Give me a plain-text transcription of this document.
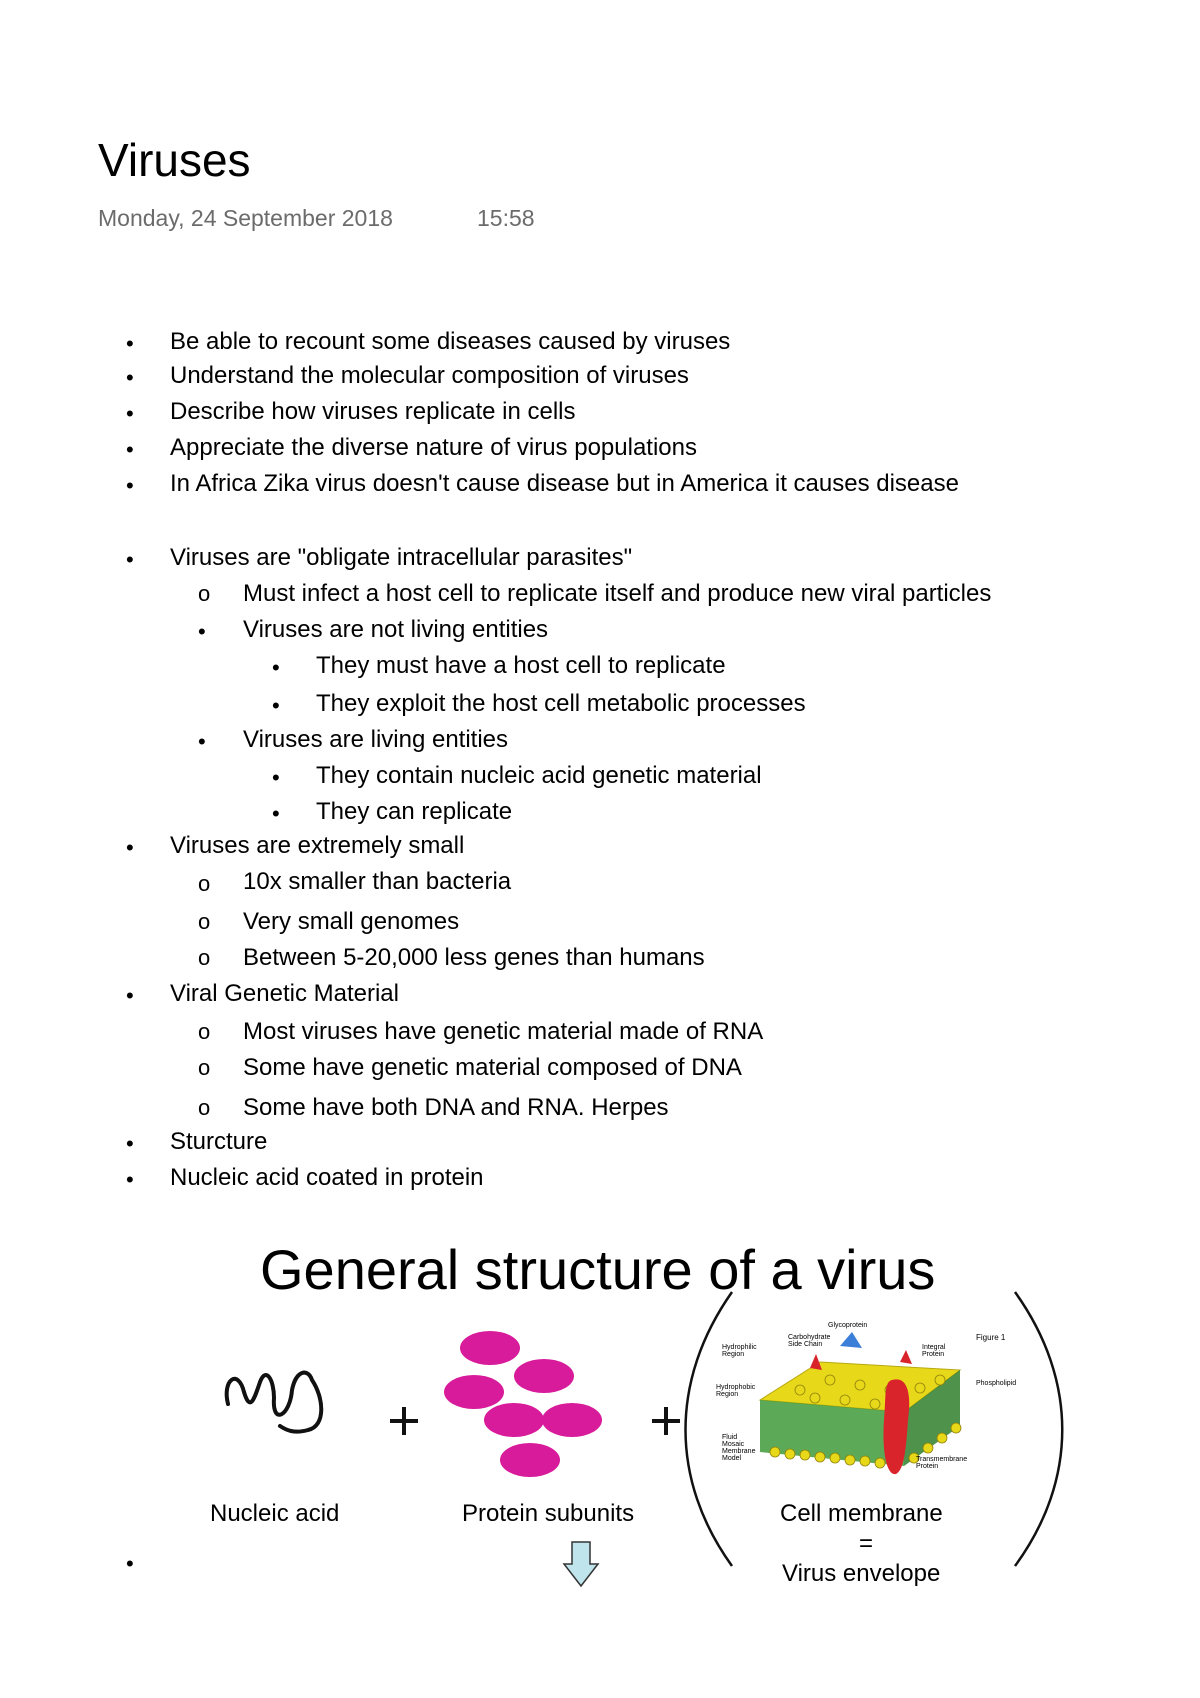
Viruses
Monday, 24 September 2018	15:58
• Be able to recount some diseases caused by viruses
• Understand the molecular composition of viruses
• Describe how viruses replicate in cells
• Appreciate the diverse nature of virus populations
• In Africa Zika virus doesn't cause disease but in America it causes disease
• Viruses are "obligate intracellular parasites"
o Must infect a host cell to replicate itself and produce new viral particles
• Viruses are not living entities
• They must have a host cell to replicate
• They exploit the host cell metabolic processes
• Viruses are living entities
• They contain nucleic acid genetic material
• They can replicate
• Viruses are extremely small
o 10x smaller than bacteria
o Very small genomes
o Between 5-20,000 less genes than humans
• Viral Genetic Material
o Most viruses have genetic material made of RNA
o Some have genetic material composed of DNA
o Some have both DNA and RNA. Herpes
• Sturcture
• Nucleic acid coated in protein
•
General structure of a virus
Glycoprotein
Carbohydrate Side Chain
Hydrophilic Region
Integral Protein
Figure 1
Phospholipid
Hydrophobic Region
Fluid Mosaic Membrane Model	Transmembrane Protein
Nucleic acid	Protein subunits	Cell membrane
=
Virus envelope
